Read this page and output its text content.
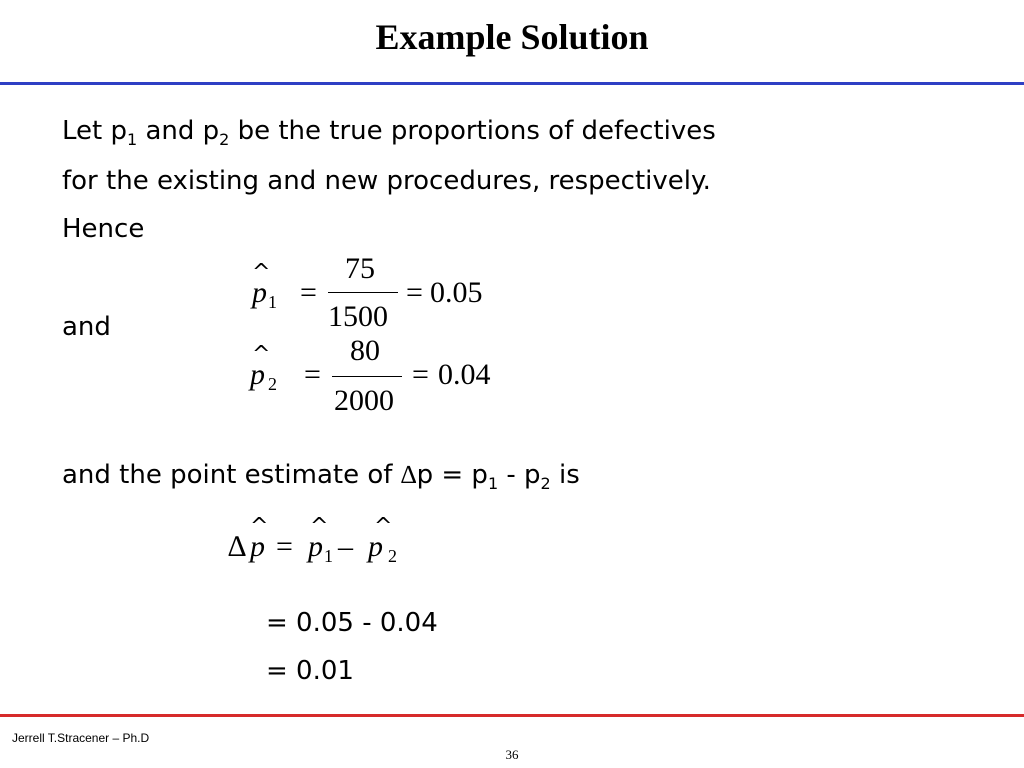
Example Solution
Let $p_1$ and $p_2$ be the true proportions of defectives
for the existing and new procedures, respectively.
Hence
and
^
p 1 =
75
1500
= 0.05
^
p 2 =
80
2000
= 0.04
and the point estimate of $\Delta p = p_1 - p_2$ is
∆
^
p =
^
p 1 –
^
p 2
= 0.05 - 0.04
= 0.01
Jerrell T.Stracener – Ph.D
36
